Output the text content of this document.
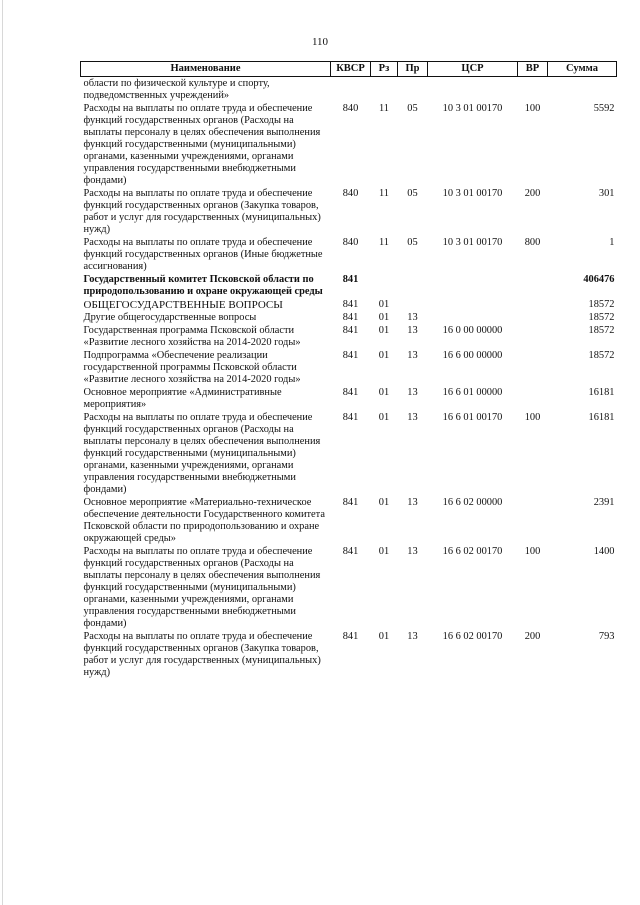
110
Наименование	КВСР	Рз	Пр	ЦСР	ВР	Сумма
области по физической культуре и спорту, подведомственных учреждений»						
Расходы на выплаты по оплате труда и обеспечение функций государственных органов (Расходы на выплаты персоналу в целях обеспечения выполнения функций государственными (муниципальными) органами, казенными учреждениями, органами управления государственными внебюджетными фондами)	840	11	05	10 3 01 00170	100	5592
Расходы на выплаты по оплате труда и обеспечение функций государственных органов (Закупка товаров, работ и услуг для государственных (муниципальных) нужд)	840	11	05	10 3 01 00170	200	301
Расходы на выплаты по оплате труда и обеспечение функций государственных органов (Иные бюджетные ассигнования)	840	11	05	10 3 01 00170	800	1
Государственный комитет Псковской области по природопользованию и охране окружающей среды	841					406476
ОБЩЕГОСУДАРСТВЕННЫЕ ВОПРОСЫ	841	01				18572
Другие общегосударственные вопросы	841	01	13			18572
Государственная программа Псковской области «Развитие лесного хозяйства на 2014-2020 годы»	841	01	13	16 0 00 00000		18572
Подпрограмма «Обеспечение реализации государственной программы Псковской области «Развитие лесного хозяйства на 2014-2020 годы»	841	01	13	16 6 00 00000		18572
Основное мероприятие «Административные мероприятия»	841	01	13	16 6 01 00000		16181
Расходы на выплаты по оплате труда и обеспечение функций государственных органов (Расходы на выплаты персоналу в целях обеспечения выполнения функций государственными (муниципальными) органами, казенными учреждениями, органами управления государственными внебюджетными фондами)	841	01	13	16 6 01 00170	100	16181
Основное мероприятие «Материально-техническое обеспечение деятельности Государственного комитета Псковской области по природопользованию и охране окружающей среды»	841	01	13	16 6 02 00000		2391
Расходы на выплаты по оплате труда и обеспечение функций государственных органов (Расходы на выплаты персоналу в целях обеспечения выполнения функций государственными (муниципальными) органами, казенными учреждениями, органами управления государственными внебюджетными фондами)	841	01	13	16 6 02 00170	100	1400
Расходы на выплаты по оплате труда и обеспечение функций государственных органов (Закупка товаров, работ и услуг для государственных (муниципальных) нужд)	841	01	13	16 6 02 00170	200	793
